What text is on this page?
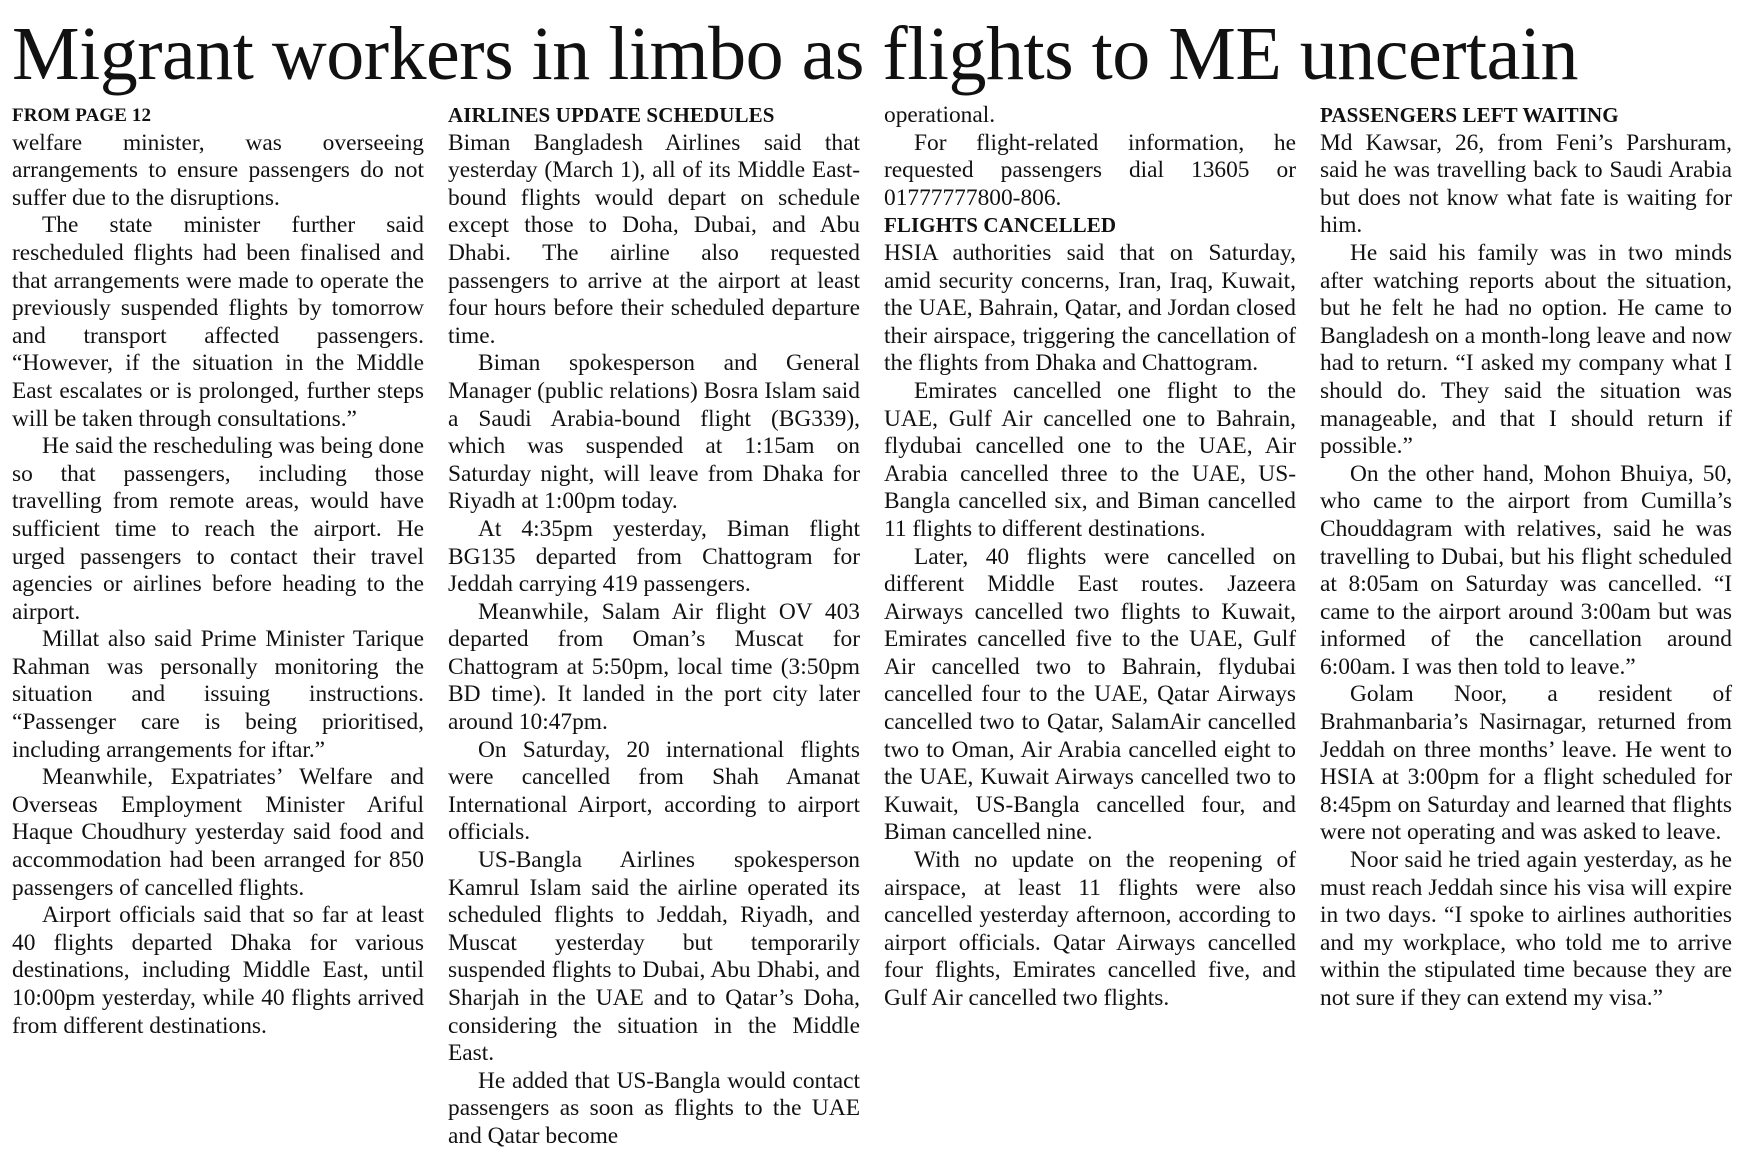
Migrant workers in limbo as flights to ME uncertain
FROM PAGE 12

welfare minister, was overseeing arrangements to ensure passengers do not suffer due to the disruptions.

The state minister further said rescheduled flights had been finalised and that arrangements were made to operate the previously suspended flights by tomorrow and transport affected passengers. “However, if the situation in the Middle East escalates or is prolonged, further steps will be taken through consultations.”

He said the rescheduling was being done so that passengers, including those travelling from remote areas, would have sufficient time to reach the airport. He urged passengers to contact their travel agencies or airlines before heading to the airport.

Millat also said Prime Minister Tarique Rahman was personally monitoring the situation and issuing instructions. “Passenger care is being prioritised, including arrangements for iftar.”

Meanwhile, Expatriates’ Welfare and Overseas Employment Minister Ariful Haque Choudhury yesterday said food and accommodation had been arranged for 850 passengers of cancelled flights.

Airport officials said that so far at least 40 flights departed Dhaka for various destinations, including Middle East, until 10:00pm yesterday, while 40 flights arrived from different destinations.

AIRLINES UPDATE SCHEDULES

Biman Bangladesh Airlines said that yesterday (March 1), all of its Middle East-bound flights would depart on schedule except those to Doha, Dubai, and Abu Dhabi. The airline also requested passengers to arrive at the airport at least four hours before their scheduled departure time.

Biman spokesperson and General Manager (public relations) Bosra Islam said a Saudi Arabia-bound flight (BG339), which was suspended at 1:15am on Saturday night, will leave from Dhaka for Riyadh at 1:00pm today.

At 4:35pm yesterday, Biman flight BG135 departed from Chattogram for Jeddah carrying 419 passengers.

Meanwhile, Salam Air flight OV 403 departed from Oman’s Muscat for Chattogram at 5:50pm, local time (3:50pm BD time). It landed in the port city later around 10:47pm.

On Saturday, 20 international flights were cancelled from Shah Amanat International Airport, according to airport officials.

US-Bangla Airlines spokesperson Kamrul Islam said the airline operated its scheduled flights to Jeddah, Riyadh, and Muscat yesterday but temporarily suspended flights to Dubai, Abu Dhabi, and Sharjah in the UAE and to Qatar’s Doha, considering the situation in the Middle East.

He added that US-Bangla would contact passengers as soon as flights to the UAE and Qatar become

operational.

For flight-related information, he requested passengers dial 13605 or 01777777800-806.

FLIGHTS CANCELLED

HSIA authorities said that on Saturday, amid security concerns, Iran, Iraq, Kuwait, the UAE, Bahrain, Qatar, and Jordan closed their airspace, triggering the cancellation of the flights from Dhaka and Chattogram.

Emirates cancelled one flight to the UAE, Gulf Air cancelled one to Bahrain, flydubai cancelled one to the UAE, Air Arabia cancelled three to the UAE, US-Bangla cancelled six, and Biman cancelled 11 flights to different destinations.

Later, 40 flights were cancelled on different Middle East routes. Jazeera Airways cancelled two flights to Kuwait, Emirates cancelled five to the UAE, Gulf Air cancelled two to Bahrain, flydubai cancelled four to the UAE, Qatar Airways cancelled two to Qatar, SalamAir cancelled two to Oman, Air Arabia cancelled eight to the UAE, Kuwait Airways cancelled two to Kuwait, US-Bangla cancelled four, and Biman cancelled nine.

With no update on the reopening of airspace, at least 11 flights were also cancelled yesterday afternoon, according to airport officials. Qatar Airways cancelled four flights, Emirates cancelled five, and Gulf Air cancelled two flights.

PASSENGERS LEFT WAITING

Md Kawsar, 26, from Feni’s Parshuram, said he was travelling back to Saudi Arabia but does not know what fate is waiting for him.

He said his family was in two minds after watching reports about the situation, but he felt he had no option. He came to Bangladesh on a month-long leave and now had to return. “I asked my company what I should do. They said the situation was manageable, and that I should return if possible.”

On the other hand, Mohon Bhuiya, 50, who came to the airport from Cumilla’s Chouddagram with relatives, said he was travelling to Dubai, but his flight scheduled at 8:05am on Saturday was cancelled. “I came to the airport around 3:00am but was informed of the cancellation around 6:00am. I was then told to leave.”

Golam Noor, a resident of Brahmanbaria’s Nasirnagar, returned from Jeddah on three months’ leave. He went to HSIA at 3:00pm for a flight scheduled for 8:45pm on Saturday and learned that flights were not operating and was asked to leave.

Noor said he tried again yesterday, as he must reach Jeddah since his visa will expire in two days. “I spoke to airlines authorities and my workplace, who told me to arrive within the stipulated time because they are not sure if they can extend my visa.”
